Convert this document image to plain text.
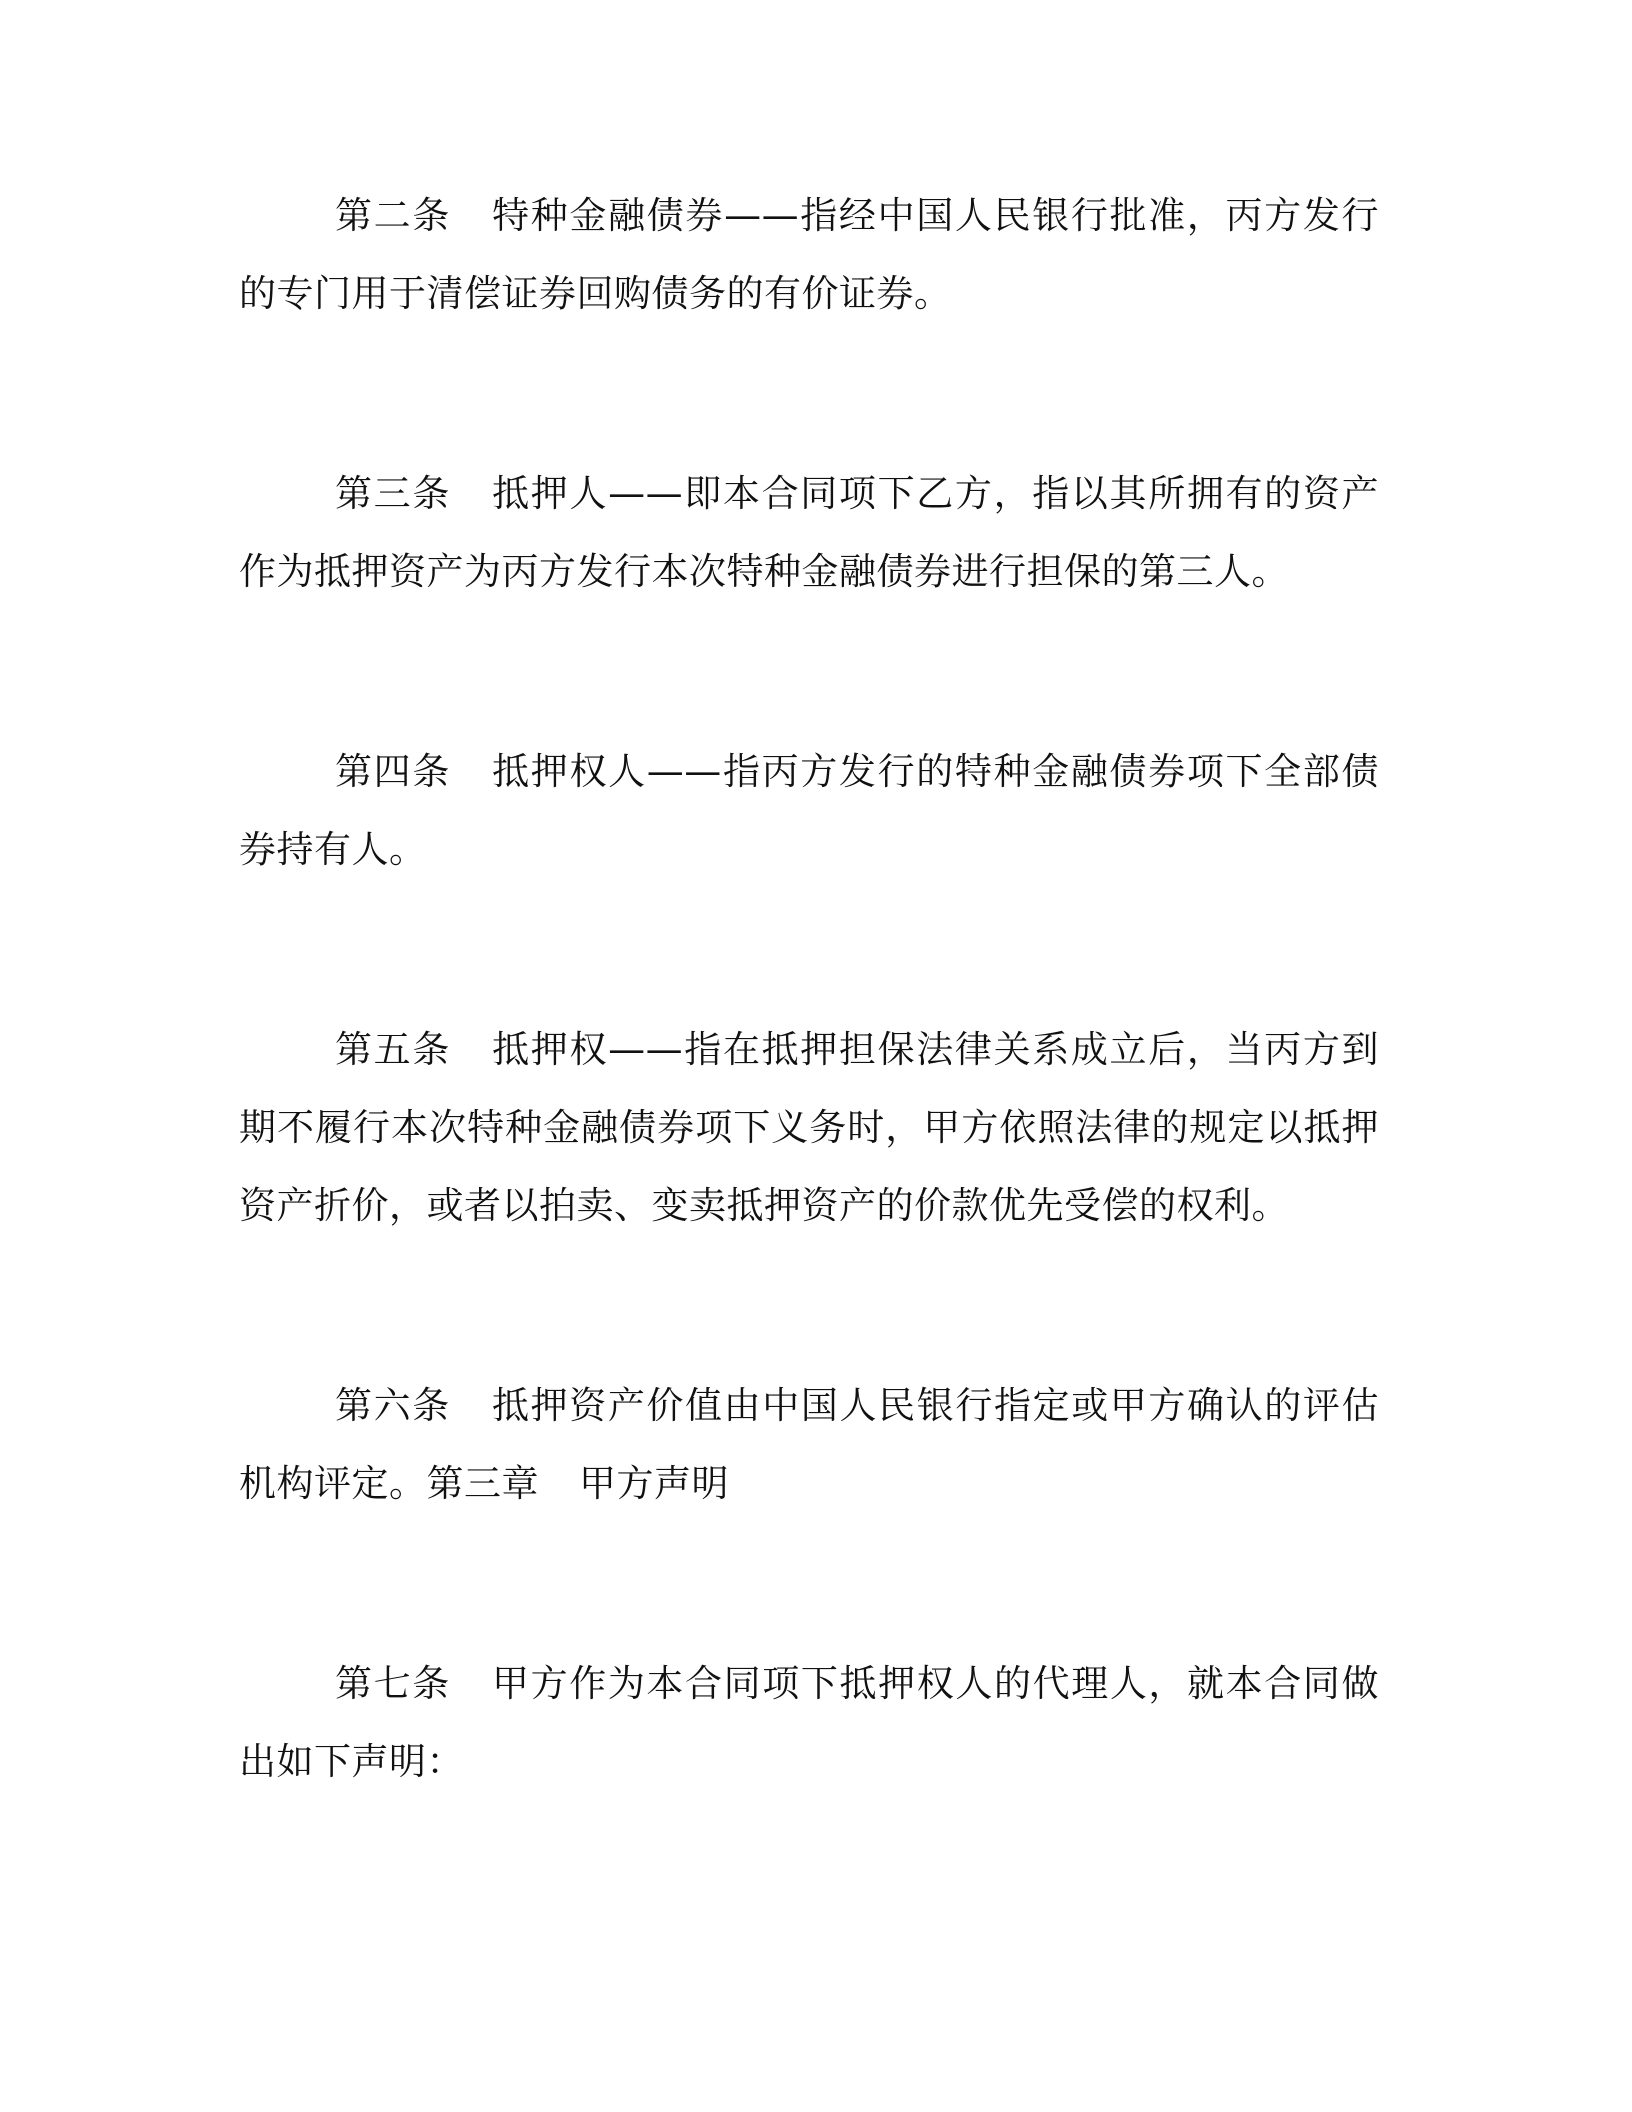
第二条 特种金融债券——指经中国人民银行批准，丙方发行的专门用于清偿证券回购债务的有价证券。

第三条 抵押人——即本合同项下乙方，指以其所拥有的资产作为抵押资产为丙方发行本次特种金融债券进行担保的第三人。

第四条 抵押权人——指丙方发行的特种金融债券项下全部债券持有人。

第五条 抵押权——指在抵押担保法律关系成立后，当丙方到期不履行本次特种金融债券项下义务时，甲方依照法律的规定以抵押资产折价，或者以拍卖、变卖抵押资产的价款优先受偿的权利。

第六条 抵押资产价值由中国人民银行指定或甲方确认的评估机构评定。第三章 甲方声明

第七条 甲方作为本合同项下抵押权人的代理人，就本合同做出如下声明：
